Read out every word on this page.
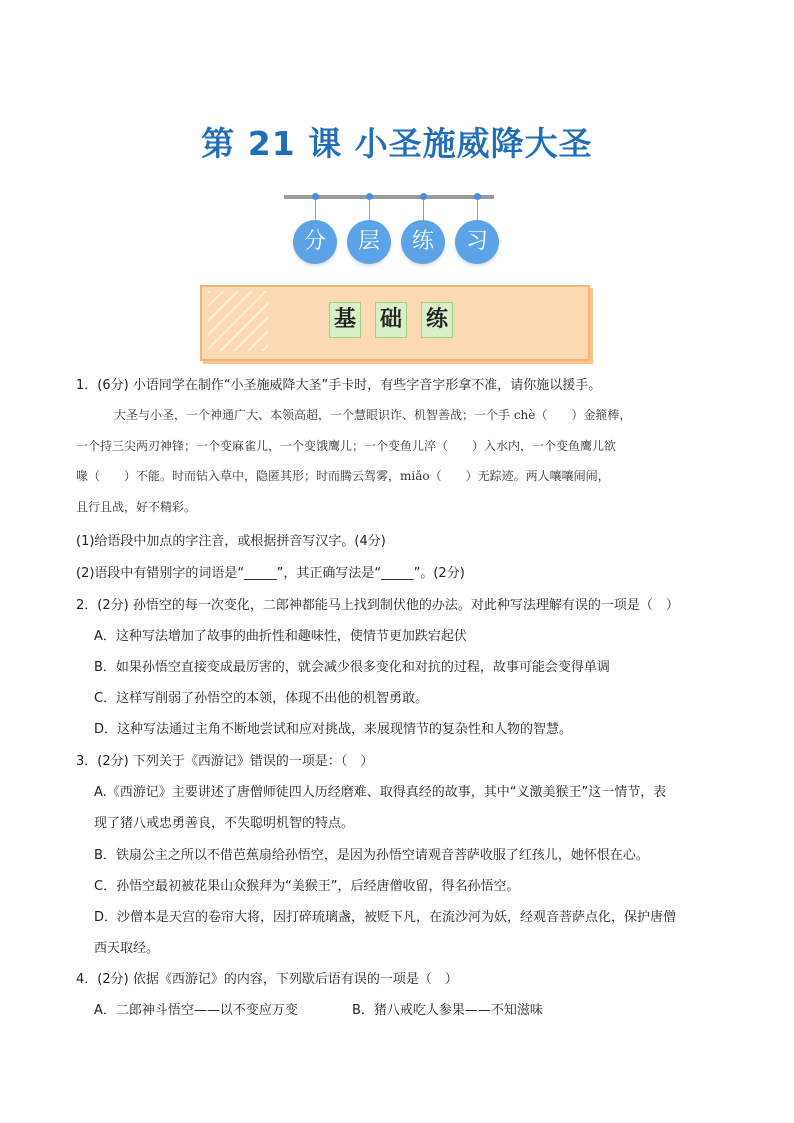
第 21 课 小圣施威降大圣
分	层	练	习
基 础 练
1．(6分) 小语同学在制作“小圣施威降大圣”手卡时，有些字音字形拿不准，请你施以援手。
大圣与小圣，一个神通广大、本领高超，一个慧眼识诈、机智善战；一个手 chè（　　）金箍棒，
一个持三尖两刃神锋；一个变麻雀儿，一个变饿鹰儿；一个变鱼儿淬（　　）入水内，一个变鱼鹰儿欲
喙（　　）不能。时而钻入草中，隐匿其形；时而腾云驾雾，miǎo（　　）无踪迹。两人嚷嚷闹闹，
且行且战，好不精彩。
(1)给语段中加点的字注音，或根据拼音写汉字。(4分)
(2)语段中有错别字的词语是“_____”，其正确写法是“_____”。(2分)
2．(2分) 孙悟空的每一次变化，二郎神都能马上找到制伏他的办法。对此种写法理解有误的一项是（　）
A．这种写法增加了故事的曲折性和趣味性，使情节更加跌宕起伏
B．如果孙悟空直接变成最厉害的，就会减少很多变化和对抗的过程，故事可能会变得单调
C．这样写削弱了孙悟空的本领，体现不出他的机智勇敢。
D．这种写法通过主角不断地尝试和应对挑战，来展现情节的复杂性和人物的智慧。
3．(2分) 下列关于《西游记》错误的一项是：（　）
A.《西游记》主要讲述了唐僧师徒四人历经磨难、取得真经的故事，其中“义激美猴王”这一情节，表
现了猪八戒忠勇善良，不失聪明机智的特点。
B．铁扇公主之所以不借芭蕉扇给孙悟空，是因为孙悟空请观音菩萨收服了红孩儿，她怀恨在心。
C．孙悟空最初被花果山众猴拜为“美猴王”，后经唐僧收留，得名孙悟空。
D．沙僧本是天宫的卷帘大将，因打碎琉璃盏，被贬下凡，在流沙河为妖，经观音菩萨点化，保护唐僧
西天取经。
4．(2分) 依据《西游记》的内容，下列歇后语有误的一项是（　）
A．二郎神斗悟空——以不变应万变	B．猪八戒吃人参果——不知滋味
